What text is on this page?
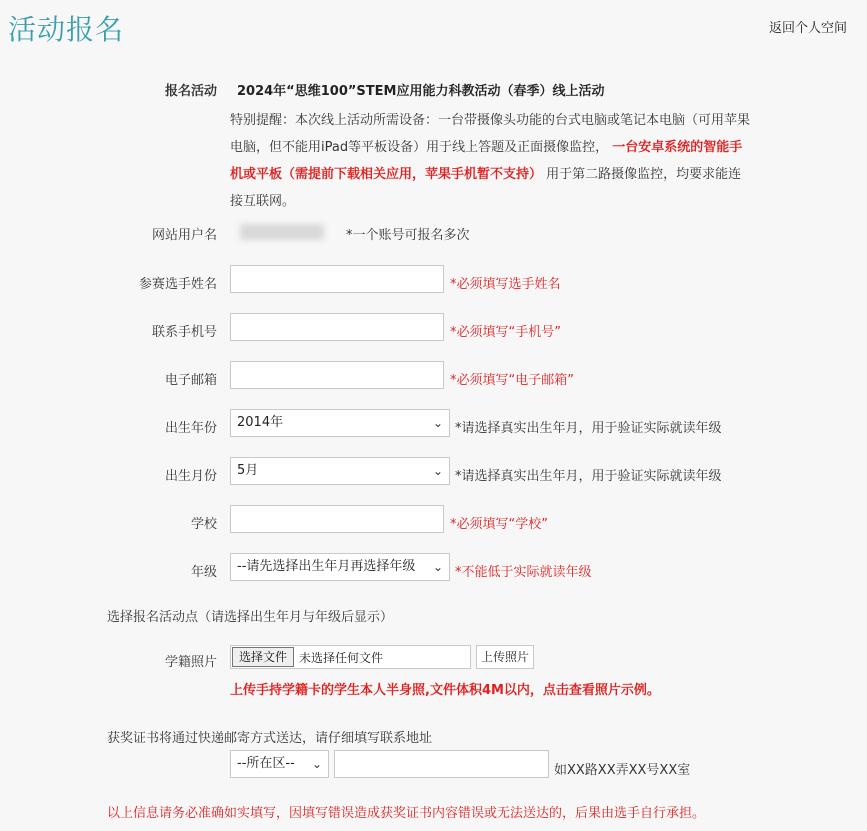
活动报名	返回个人空间
报名活动 2024年“思维100”STEM应用能力科教活动（春季）线上活动
特别提醒：本次线上活动所需设备：一台带摄像头功能的台式电脑或笔记本电脑（可用苹果
电脑，但不能用iPad等平板设备）用于线上答题及正面摄像监控， 一台安卓系统的智能手
机或平板（需提前下载相关应用，苹果手机暂不支持） 用于第二路摄像监控，均要求能连
接互联网。
网站用户名	*一个账号可报名多次
参赛选手姓名	*必须填写选手姓名
联系手机号	*必须填写“手机号”
电子邮箱	*必须填写“电子邮箱”
出生年份	2014年	⌄ *请选择真实出生年月，用于验证实际就读年级
出生月份	5月	⌄ *请选择真实出生年月，用于验证实际就读年级
学校	*必须填写“学校”
年级	--请先选择出生年月再选择年级 ⌄ *不能低于实际就读年级
选择报名活动点（请选择出生年月与年级后显示）
学籍照片	选择文件 未选择任何文件	上传照片
上传手持学籍卡的学生本人半身照,文件体积4M以内，点击查看照片示例。
获奖证书将通过快递邮寄方式送达，请仔细填写联系地址
--所在区-- ⌄	如XX路XX弄XX号XX室
以上信息请务必准确如实填写，因填写错误造成获奖证书内容错误或无法送达的，后果由选手自行承担。
